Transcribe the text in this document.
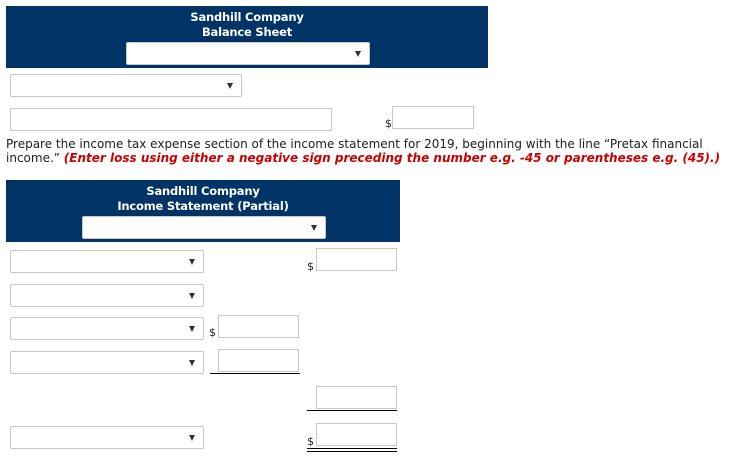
Sandhill Company
Balance Sheet
$
Prepare the income tax expense section of the income statement for 2019, beginning with the line “Pretax financial income.” (Enter loss using either a negative sign preceding the number e.g. -45 or parentheses e.g. (45).)
Sandhill Company
Income Statement (Partial)
$
$
$
